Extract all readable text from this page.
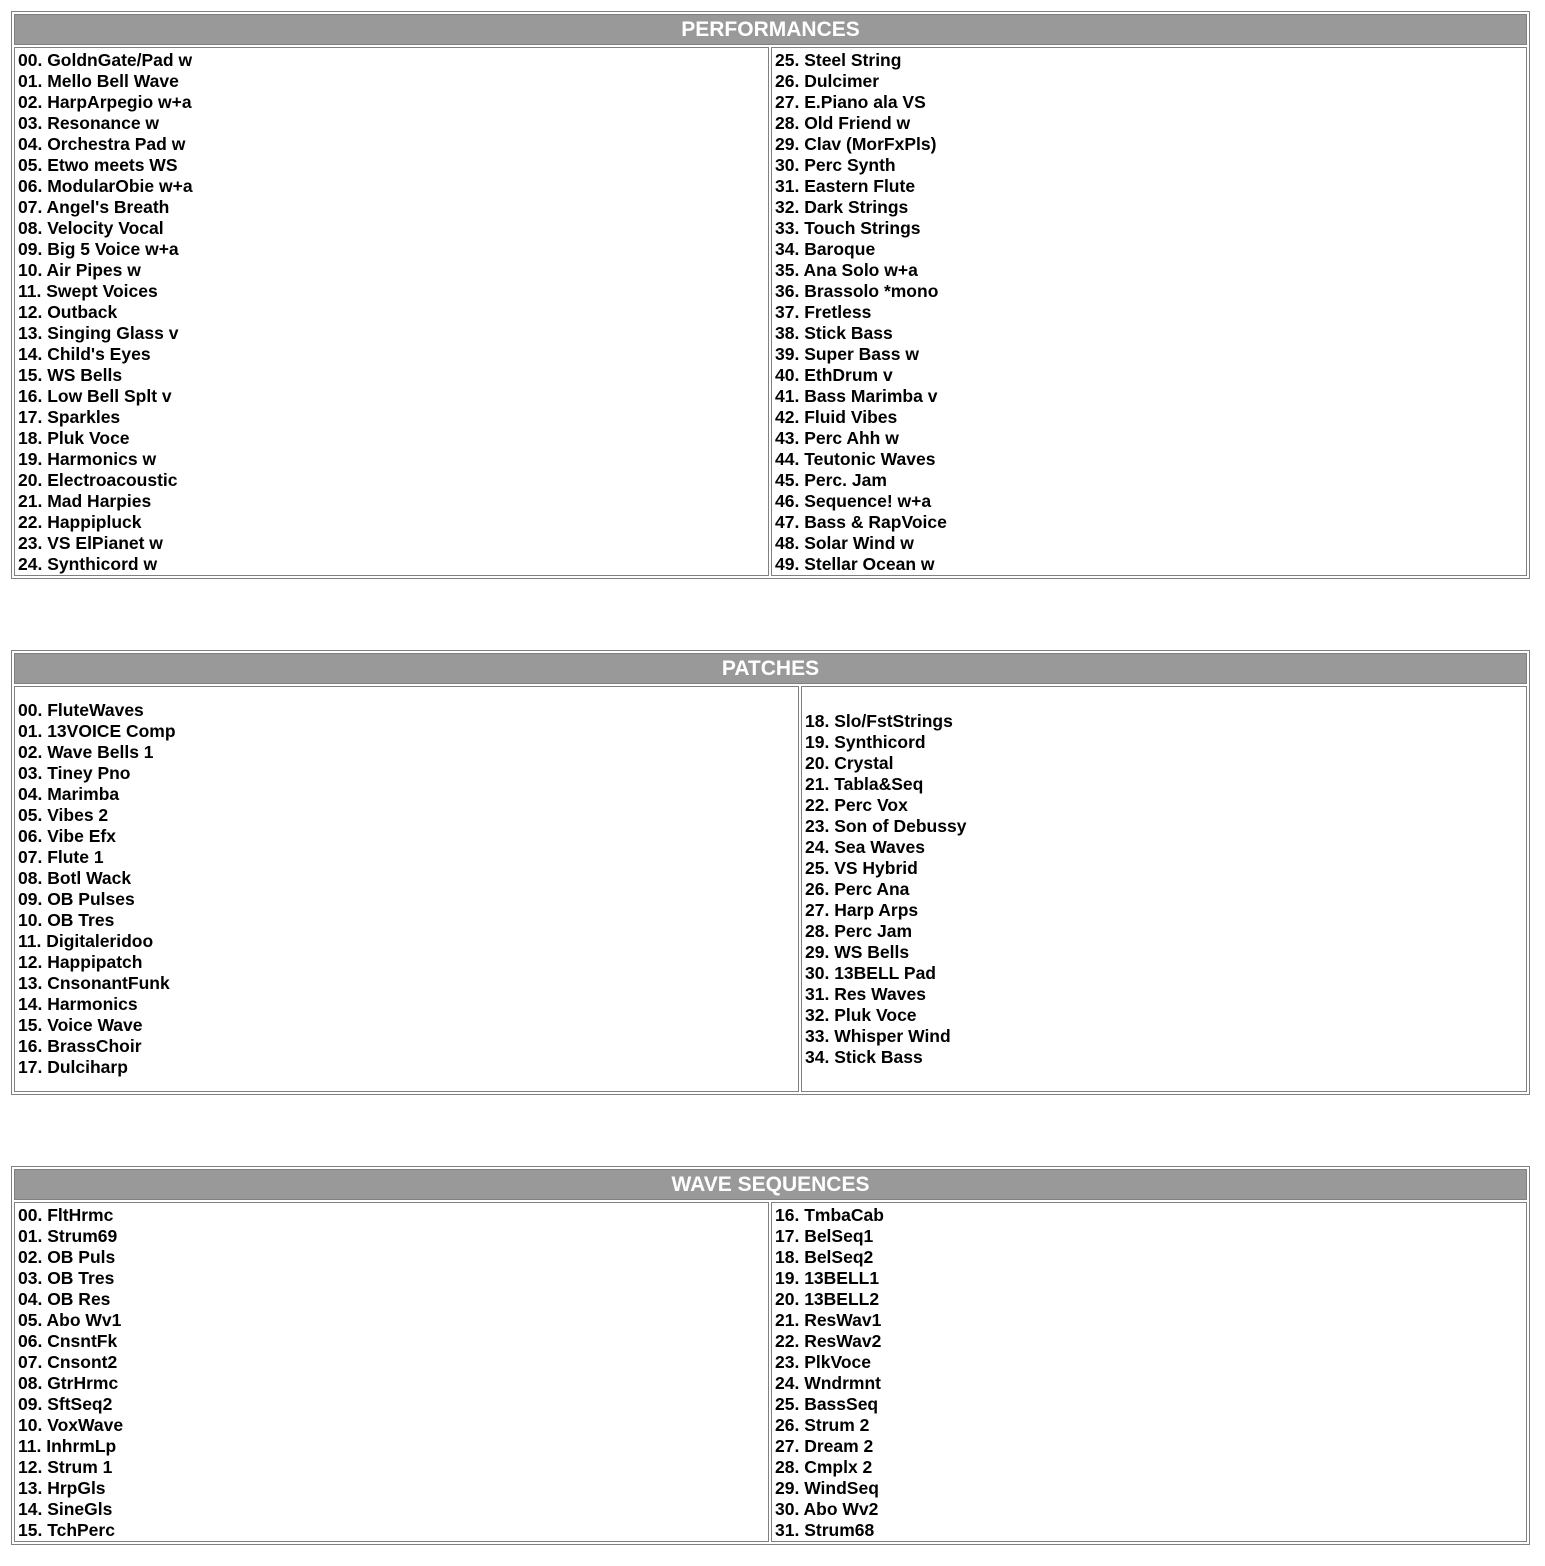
PERFORMANCES
00. GoldnGate/Pad w
01. Mello Bell Wave
02. HarpArpegio w+a
03. Resonance w
04. Orchestra Pad w
05. Etwo meets WS
06. ModularObie w+a
07. Angel's Breath
08. Velocity Vocal
09. Big 5 Voice w+a
10. Air Pipes w
11. Swept Voices
12. Outback
13. Singing Glass v
14. Child's Eyes
15. WS Bells
16. Low Bell Splt v
17. Sparkles
18. Pluk Voce
19. Harmonics w
20. Electroacoustic
21. Mad Harpies
22. Happipluck
23. VS ElPianet w
24. Synthicord w
25. Steel String
26. Dulcimer
27. E.Piano ala VS
28. Old Friend w
29. Clav (MorFxPls)
30. Perc Synth
31. Eastern Flute
32. Dark Strings
33. Touch Strings
34. Baroque
35. Ana Solo w+a
36. Brassolo *mono
37. Fretless
38. Stick Bass
39. Super Bass w
40. EthDrum v
41. Bass Marimba v
42. Fluid Vibes
43. Perc Ahh w
44. Teutonic Waves
45. Perc. Jam
46. Sequence! w+a
47. Bass & RapVoice
48. Solar Wind w
49. Stellar Ocean w
PATCHES
00. FluteWaves
01. 13VOICE Comp
02. Wave Bells 1
03. Tiney Pno
04. Marimba
05. Vibes 2
06. Vibe Efx
07. Flute 1
08. Botl Wack
09. OB Pulses
10. OB Tres
11. Digitaleridoo
12. Happipatch
13. CnsonantFunk
14. Harmonics
15. Voice Wave
16. BrassChoir
17. Dulciharp
18. Slo/FstStrings
19. Synthicord
20. Crystal
21. Tabla&Seq
22. Perc Vox
23. Son of Debussy
24. Sea Waves
25. VS Hybrid
26. Perc Ana
27. Harp Arps
28. Perc Jam
29. WS Bells
30. 13BELL Pad
31. Res Waves
32. Pluk Voce
33. Whisper Wind
34. Stick Bass
WAVE SEQUENCES
00. FltHrmc
01. Strum69
02. OB Puls
03. OB Tres
04. OB Res
05. Abo Wv1
06. CnsntFk
07. Cnsont2
08. GtrHrmc
09. SftSeq2
10. VoxWave
11. InhrmLp
12. Strum 1
13. HrpGls
14. SineGls
15. TchPerc
16. TmbaCab
17. BelSeq1
18. BelSeq2
19. 13BELL1
20. 13BELL2
21. ResWav1
22. ResWav2
23. PlkVoce
24. Wndrmnt
25. BassSeq
26. Strum 2
27. Dream 2
28. Cmplx 2
29. WindSeq
30. Abo Wv2
31. Strum68
